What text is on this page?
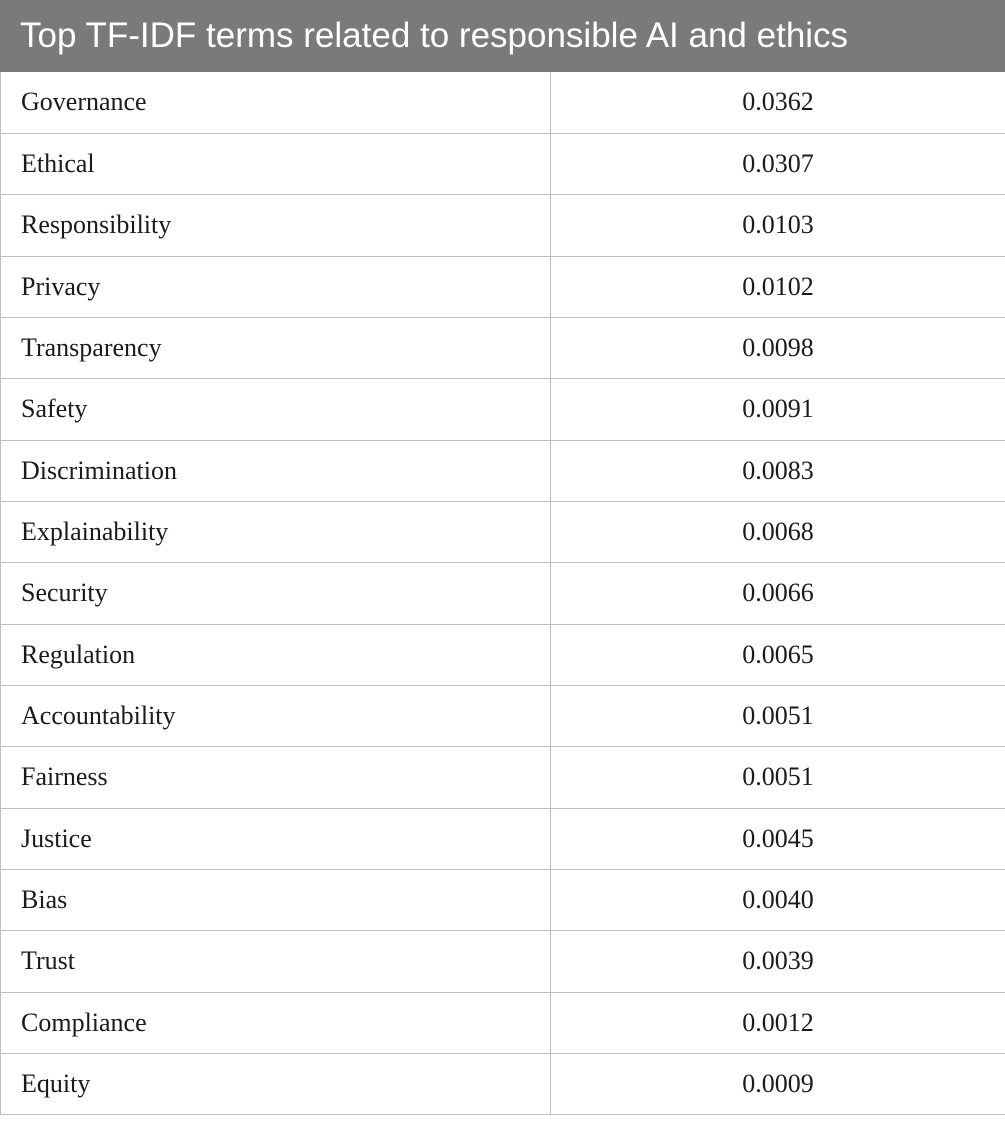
Top TF-IDF terms related to responsible AI and ethics
Governance	0.0362
Ethical	0.0307
Responsibility	0.0103
Privacy	0.0102
Transparency	0.0098
Safety	0.0091
Discrimination	0.0083
Explainability	0.0068
Security	0.0066
Regulation	0.0065
Accountability	0.0051
Fairness	0.0051
Justice	0.0045
Bias	0.0040
Trust	0.0039
Compliance	0.0012
Equity	0.0009
